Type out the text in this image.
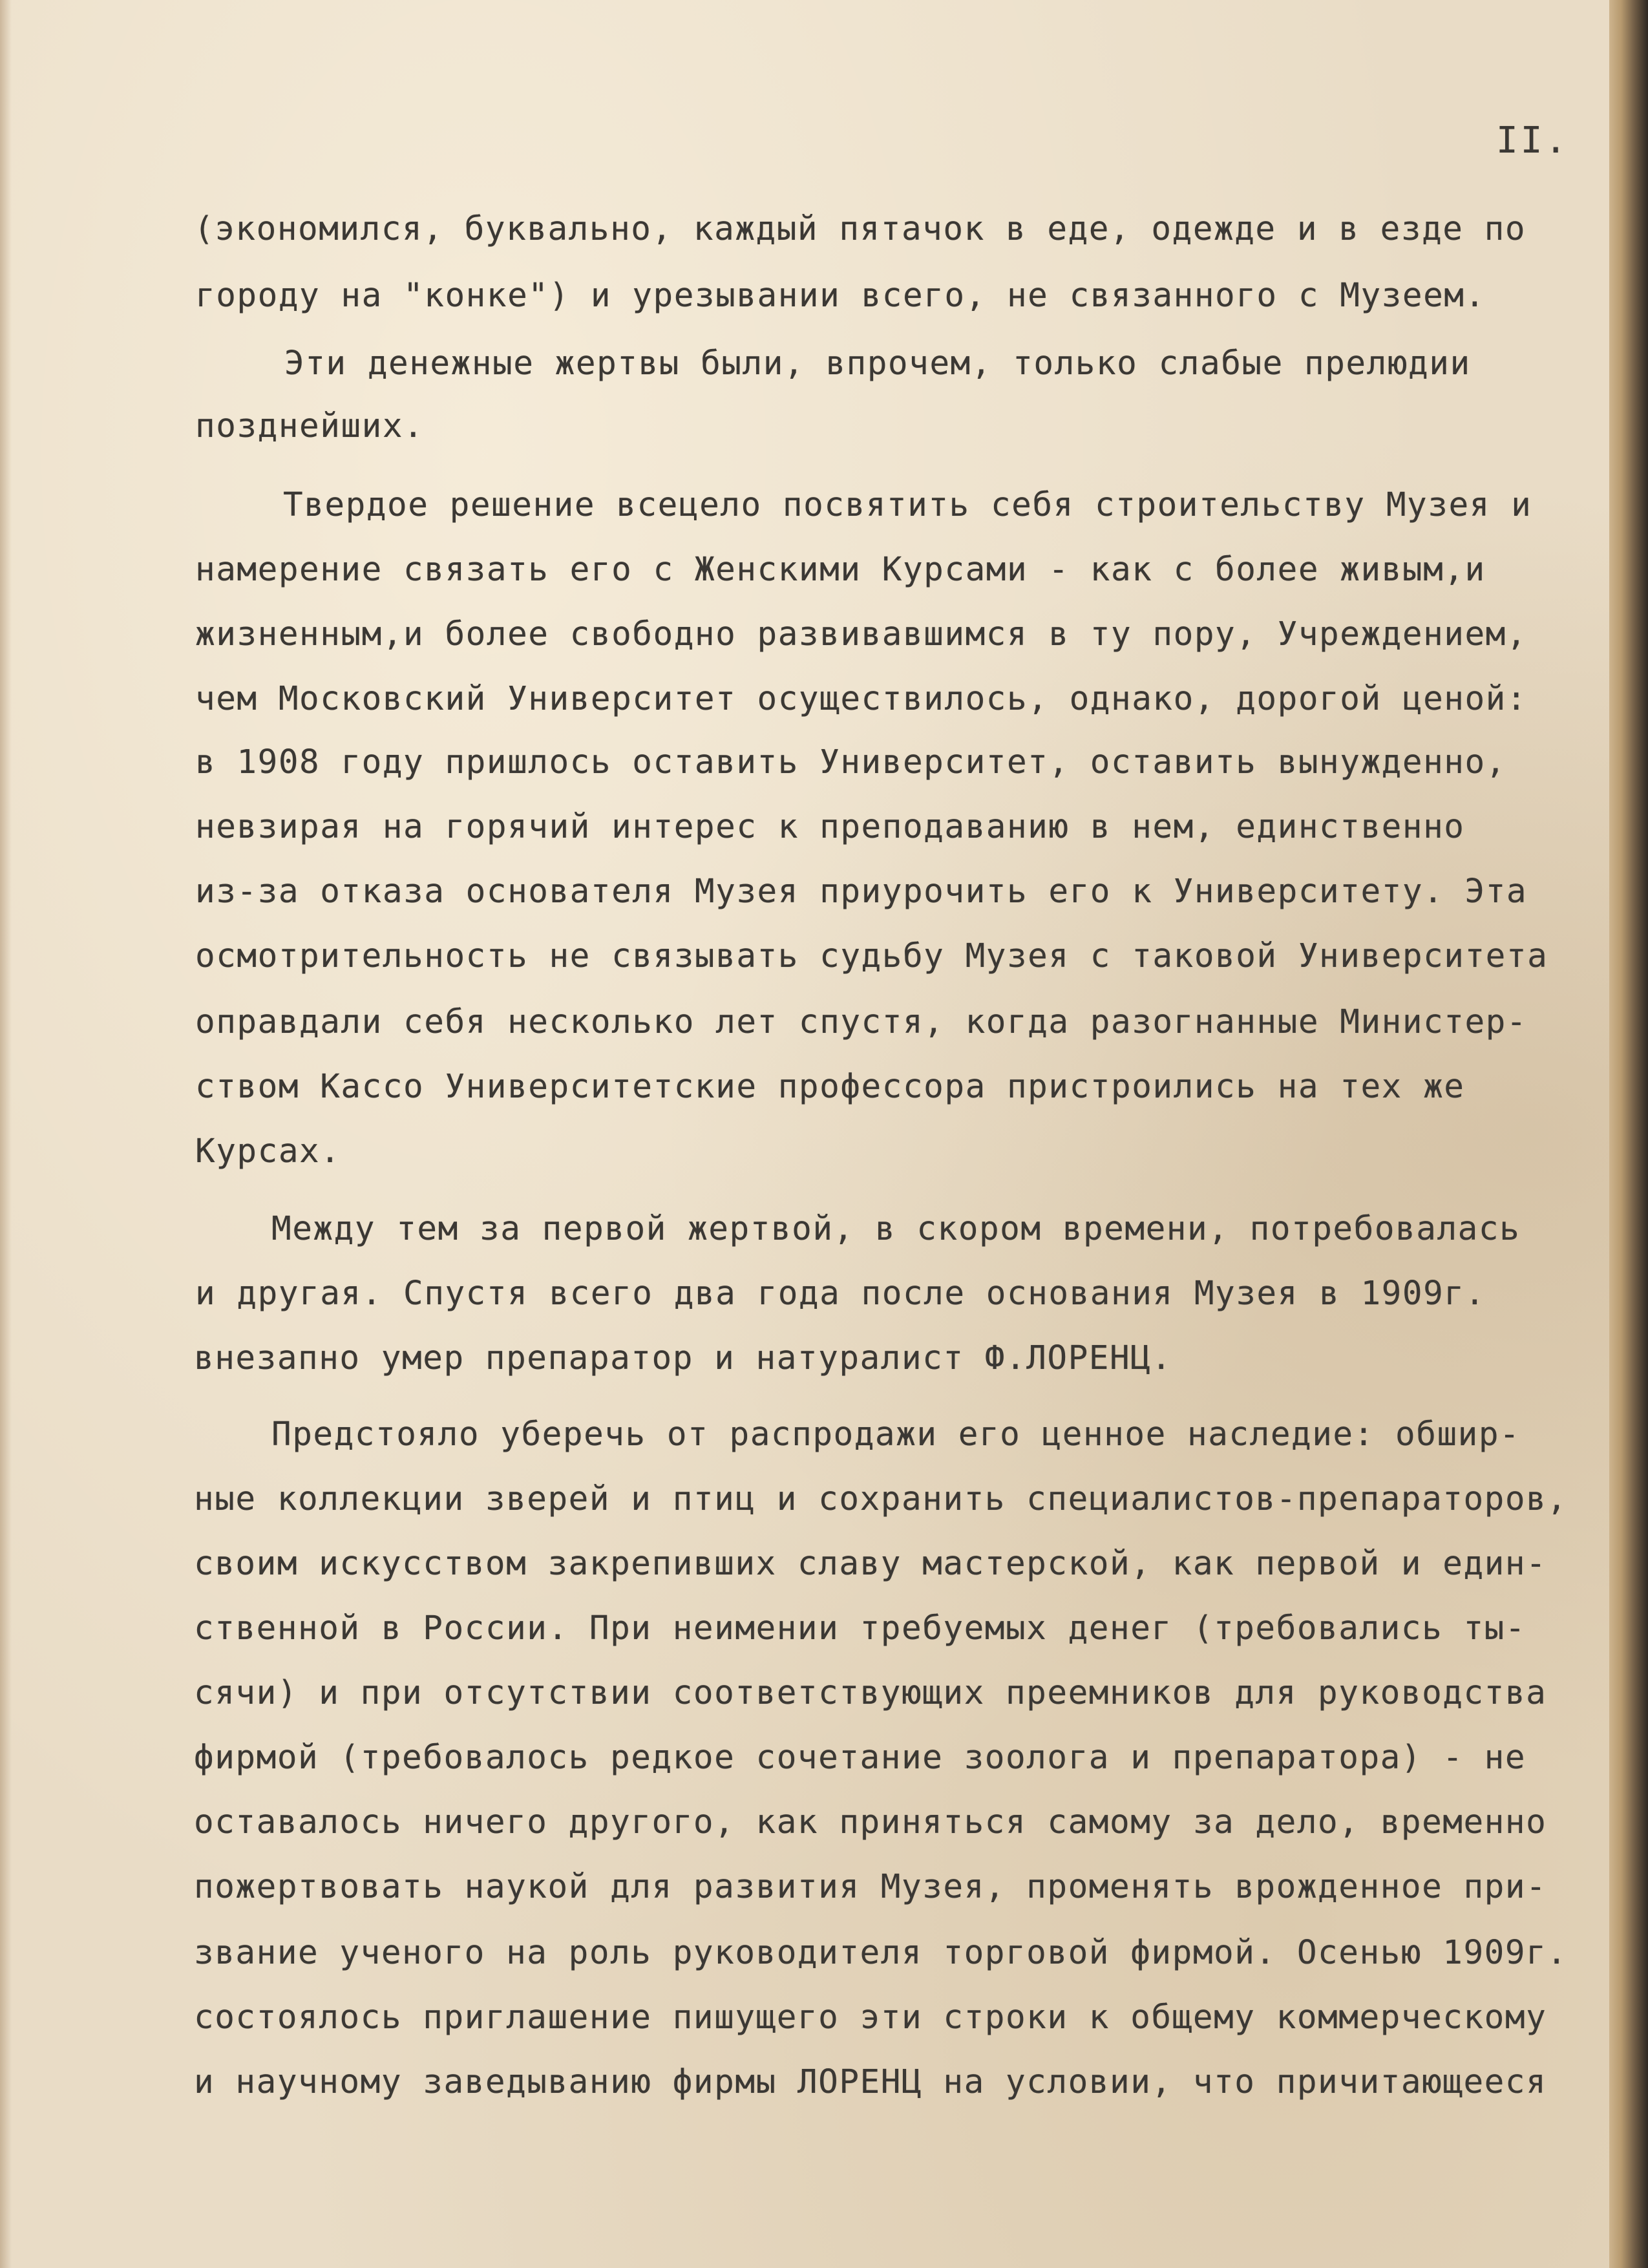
II.
(экономился, буквально, каждый пятачок в еде, одежде и в езде по
городу на "конке") и урезывании всего, не связанного с Музеем.
Эти денежные жертвы были, впрочем, только слабые прелюдии
позднейших.
Твердое решение всецело посвятить себя строительству Музея и
намерение связать его с Женскими Курсами - как с более живым,и
жизненным,и более свободно развивавшимся в ту пору, Учреждением,
чем Московский Университет осуществилось, однако, дорогой ценой:
в 1908 году пришлось оставить Университет, оставить вынужденно,
невзирая на горячий интерес к преподаванию в нем, единственно
из-за отказа основателя Музея приурочить его к Университету. Эта
осмотрительность не связывать судьбу Музея с таковой Университета
оправдали себя несколько лет спустя, когда разогнанные Министер-
ством Кассо Университетские профессора пристроились на тех же
Курсах.
Между тем за первой жертвой, в скором времени, потребовалась
и другая. Спустя всего два года после основания Музея в 1909г.
внезапно умер препаратор и натуралист Ф.ЛОРЕНЦ.
Предстояло уберечь от распродажи его ценное наследие: обшир-
ные коллекции зверей и птиц и сохранить специалистов-препараторов,
своим искусством закрепивших славу мастерской, как первой и един-
ственной в России. При неимении требуемых денег (требовались ты-
сячи) и при отсутствии соответствующих преемников для руководства
фирмой (требовалось редкое сочетание зоолога и препаратора) - не
оставалось ничего другого, как приняться самому за дело, временно
пожертвовать наукой для развития Музея, променять врожденное при-
звание ученого на роль руководителя торговой фирмой. Осенью 1909г.
состоялось приглашение пишущего эти строки к общему коммерческому
и научному заведыванию фирмы ЛОРЕНЦ на условии, что причитающееся
